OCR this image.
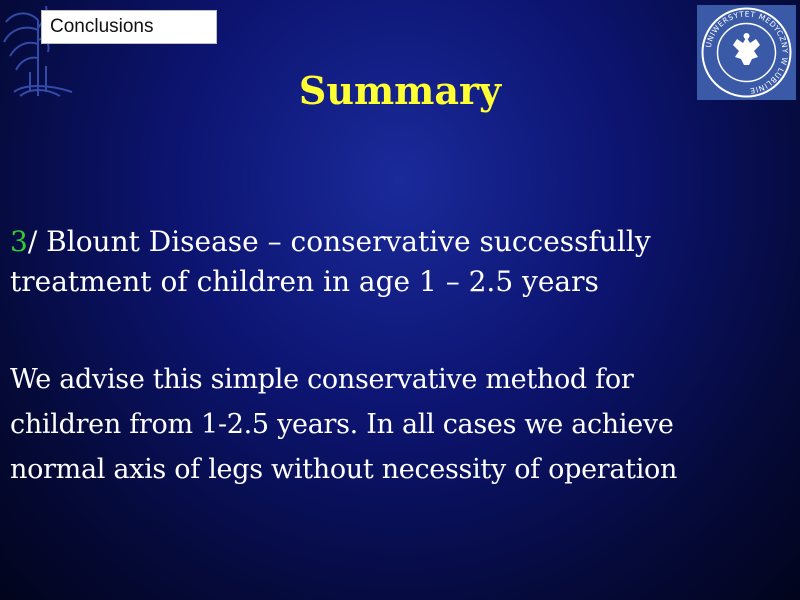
Conclusions
UNIWERSYTET MEDYCZNY W LUBLINIE
Summary
3/ Blount Disease – conservative successfully
treatment of children in age 1 – 2.5 years
We advise this simple conservative method for
children from 1-2.5 years. In all cases we achieve
normal axis of legs without necessity of operation
